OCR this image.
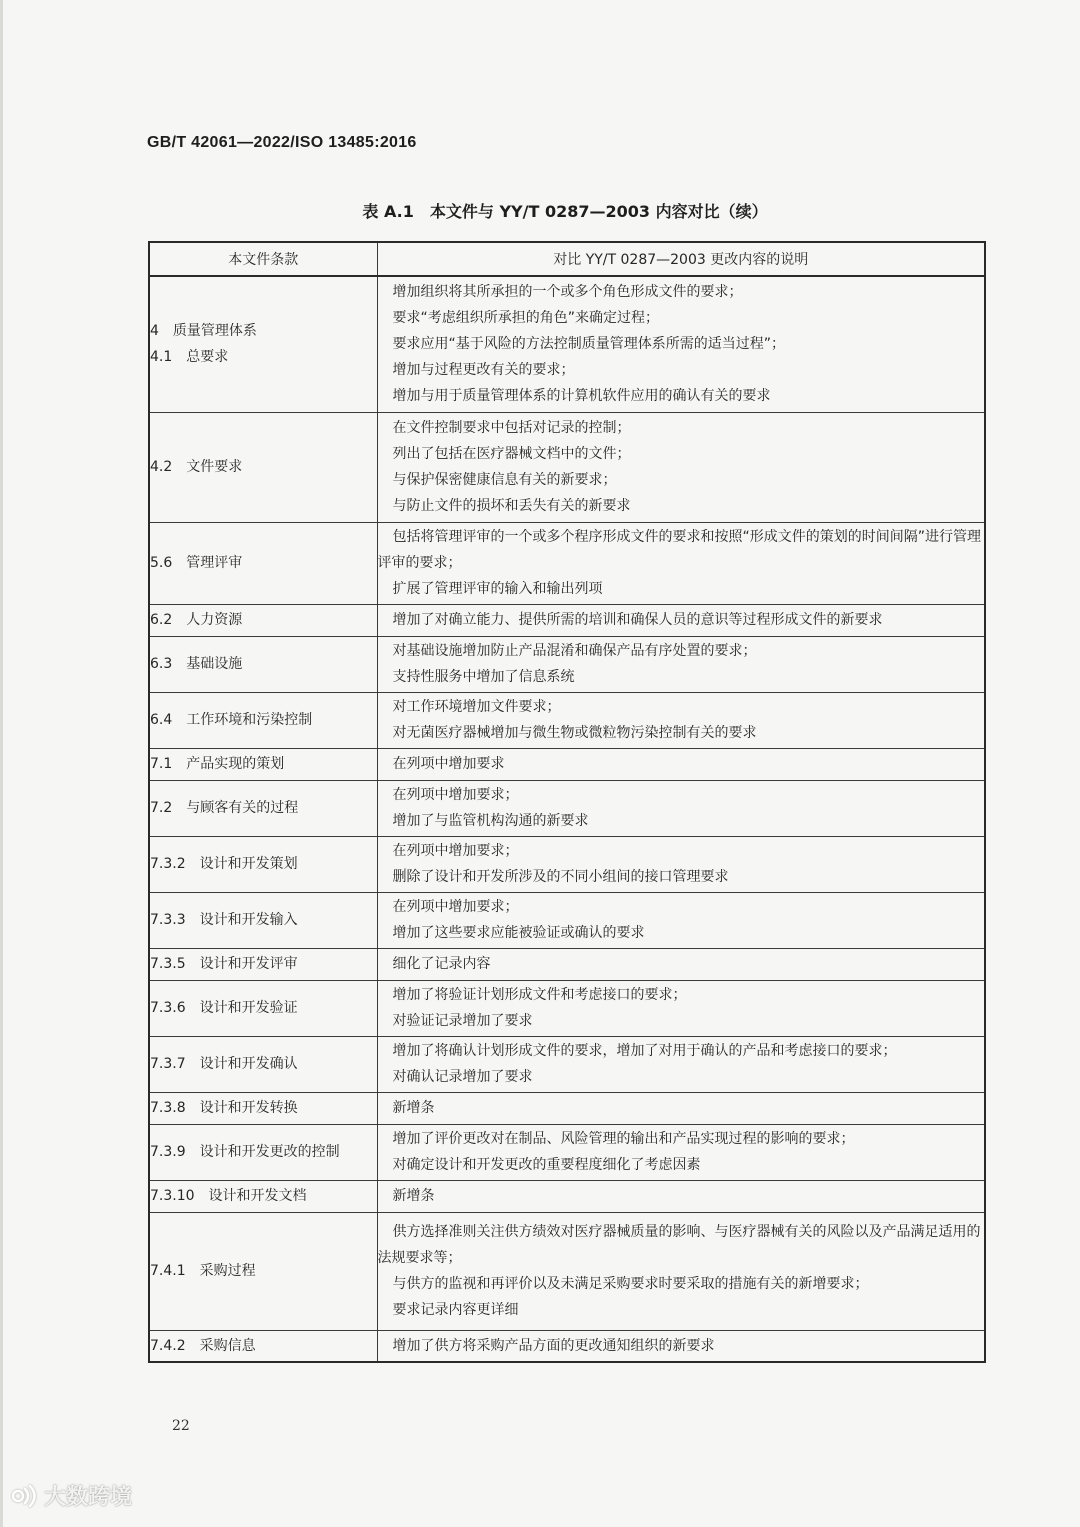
GB/T 42061—2022/ISO 13485:2016
表 A.1　本文件与 YY/T 0287—2003 内容对比（续）
本文件条款	对比 YY/T 0287—2003 更改内容的说明

4　质量管理体系
4.1　总要求	增加组织将其所承担的一个或多个角色形成文件的要求；
要求“考虑组织所承担的角色”来确定过程；
要求应用“基于风险的方法控制质量管理体系所需的适当过程”；
增加与过程更改有关的要求；
增加与用于质量管理体系的计算机软件应用的确认有关的要求

4.2　文件要求	在文件控制要求中包括对记录的控制；
列出了包括在医疗器械文档中的文件；
与保护保密健康信息有关的新要求；
与防止文件的损坏和丢失有关的新要求

5.6　管理评审	包括将管理评审的一个或多个程序形成文件的要求和按照“形成文件的策划的时间间隔”进行管理评审的要求；
扩展了管理评审的输入和输出列项

6.2　人力资源	增加了对确立能力、提供所需的培训和确保人员的意识等过程形成文件的新要求

6.3　基础设施	对基础设施增加防止产品混淆和确保产品有序处置的要求；
支持性服务中增加了信息系统

6.4　工作环境和污染控制	对工作环境增加文件要求；
对无菌医疗器械增加与微生物或微粒物污染控制有关的要求

7.1　产品实现的策划	在列项中增加要求

7.2　与顾客有关的过程	在列项中增加要求；
增加了与监管机构沟通的新要求

7.3.2　设计和开发策划	在列项中增加要求；
删除了设计和开发所涉及的不同小组间的接口管理要求

7.3.3　设计和开发输入	在列项中增加要求；
增加了这些要求应能被验证或确认的要求

7.3.5　设计和开发评审	细化了记录内容

7.3.6　设计和开发验证	增加了将验证计划形成文件和考虑接口的要求；
对验证记录增加了要求

7.3.7　设计和开发确认	增加了将确认计划形成文件的要求，增加了对用于确认的产品和考虑接口的要求；
对确认记录增加了要求

7.3.8　设计和开发转换	新增条

7.3.9　设计和开发更改的控制	增加了评价更改对在制品、风险管理的输出和产品实现过程的影响的要求；
对确定设计和开发更改的重要程度细化了考虑因素

7.3.10　设计和开发文档	新增条

7.4.1　采购过程	供方选择准则关注供方绩效对医疗器械质量的影响、与医疗器械有关的风险以及产品满足适用的法规要求等；
与供方的监视和再评价以及未满足采购要求时要采取的措施有关的新增要求；
要求记录内容更详细

7.4.2　采购信息	增加了供方将采购产品方面的更改通知组织的新要求
22
大数跨境
